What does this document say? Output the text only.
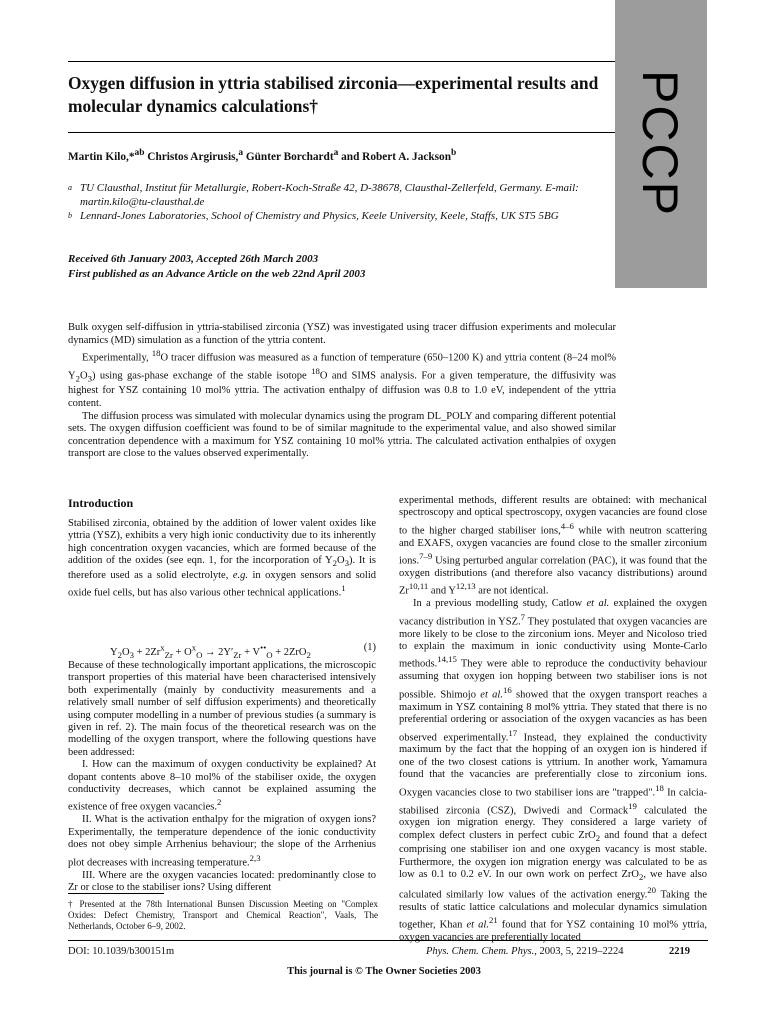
PCCP
Oxygen diffusion in yttria stabilised zirconia—experimental results and molecular dynamics calculations†
Martin Kilo,*$^{ab}$ Christos Argirusis,$^a$ Günter Borchardt$^a$ and Robert A. Jackson$^b$
a TU Clausthal, Institut für Metallurgie, Robert-Koch-Straße 42, D-38678, Clausthal-Zellerfeld, Germany. E-mail: martin.kilo@tu-clausthal.de
b Lennard-Jones Laboratories, School of Chemistry and Physics, Keele University, Keele, Staffs, UK ST5 5BG
Received 6th January 2003, Accepted 26th March 2003
First published as an Advance Article on the web 22nd April 2003

Bulk oxygen self-diffusion in yttria-stabilised zirconia (YSZ) was investigated using tracer diffusion experiments and molecular dynamics (MD) simulation as a function of the yttria content.

Experimentally, $^{18}$O tracer diffusion was measured as a function of temperature (650–1200 K) and yttria content (8–24 mol% $Y_2O_3$) using gas-phase exchange of the stable isotope $^{18}$O and SIMS analysis. For a given temperature, the diffusivity was highest for YSZ containing 10 mol% yttria. The activation enthalpy of diffusion was 0.8 to 1.0 eV, independent of the yttria content.

The diffusion process was simulated with molecular dynamics using the program DL_POLY and comparing different potential sets. The oxygen diffusion coefficient was found to be of similar magnitude to the experimental value, and also showed similar concentration dependence with a maximum for YSZ containing 10 mol% yttria. The calculated activation enthalpies of oxygen transport are close to the values observed experimentally.

Introduction

Stabilised zirconia, obtained by the addition of lower valent oxides like yttria (YSZ), exhibits a very high ionic conductivity due to its inherently high concentration oxygen vacancies, which are formed because of the addition of the oxides (see eqn. 1, for the incorporation of $Y_2O_3$). It is therefore used as a solid electrolyte, e.g. in oxygen sensors and solid oxide fuel cells, but has also various other technical applications.$^1$

$Y_2O_3 + 2Zr^x_{Zr} + O^x_O \to 2Y'_{Zr} + V^{••}_O + 2ZrO_2$
(1)

Because of these technologically important applications, the microscopic transport properties of this material have been characterised intensively both experimentally (mainly by conductivity measurements and a relatively small number of self diffusion experiments) and theoretically using computer modelling in a number of previous studies (a summary is given in ref. 2). The main focus of the theoretical research was on the modelling of the oxygen transport, where the following questions have been addressed:

I. How can the maximum of oxygen conductivity be explained? At dopant contents above 8–10 mol% of the stabiliser oxide, the oxygen conductivity decreases, which cannot be explained assuming the existence of free oxygen vacancies.$^2$

II. What is the activation enthalpy for the migration of oxygen ions? Experimentally, the temperature dependence of the ionic conductivity does not obey simple Arrhenius behaviour; the slope of the Arrhenius plot decreases with increasing temperature.$^{2,3}$

III. Where are the oxygen vacancies located: predominantly close to Zr or close to the stabiliser ions? Using different

† Presented at the 78th International Bunsen Discussion Meeting on "Complex Oxides: Defect Chemistry, Transport and Chemical Reaction", Vaals, The Netherlands, October 6–9, 2002.

experimental methods, different results are obtained: with mechanical spectroscopy and optical spectroscopy, oxygen vacancies are found close to the higher charged stabiliser ions,$^{4-6}$ while with neutron scattering and EXAFS, oxygen vacancies are found close to the smaller zirconium ions.$^{7-9}$ Using perturbed angular correlation (PAC), it was found that the oxygen distributions (and therefore also vacancy distributions) around Zr$^{10,11}$ and Y$^{12,13}$ are not identical.

In a previous modelling study, Catlow et al. explained the oxygen vacancy distribution in YSZ.$^7$ They postulated that oxygen vacancies are more likely to be close to the zirconium ions. Meyer and Nicoloso tried to explain the maximum in ionic conductivity using Monte-Carlo methods.$^{14,15}$ They were able to reproduce the conductivity behaviour assuming that oxygen ion hopping between two stabiliser ions is not possible. Shimojo et al.$^{16}$ showed that the oxygen transport reaches a maximum in YSZ containing 8 mol% yttria. They stated that there is no preferential ordering or association of the oxygen vacancies as has been observed experimentally.$^{17}$ Instead, they explained the conductivity maximum by the fact that the hopping of an oxygen ion is hindered if one of the two closest cations is yttrium. In another work, Yamamura found that the vacancies are preferentially close to zirconium ions. Oxygen vacancies close to two stabiliser ions are "trapped".$^{18}$ In calcia-stabilised zirconia (CSZ), Dwivedi and Cormack$^{19}$ calculated the oxygen ion migration energy. They considered a large variety of complex defect clusters in perfect cubic ZrO$_2$ and found that a defect comprising one stabiliser ion and one oxygen vacancy is most stable. Furthermore, the oxygen ion migration energy was calculated to be as low as 0.1 to 0.2 eV. In our own work on perfect ZrO$_2$, we have also calculated similarly low values of the activation energy.$^{20}$ Taking the results of static lattice calculations and molecular dynamics simulation together, Khan et al.$^{21}$ found that for YSZ containing 10 mol% yttria, oxygen vacancies are preferentially located

DOI: 10.1039/b300151m	Phys. Chem. Chem. Phys., 2003, 5, 2219–2224	2219
This journal is © The Owner Societies 2003
